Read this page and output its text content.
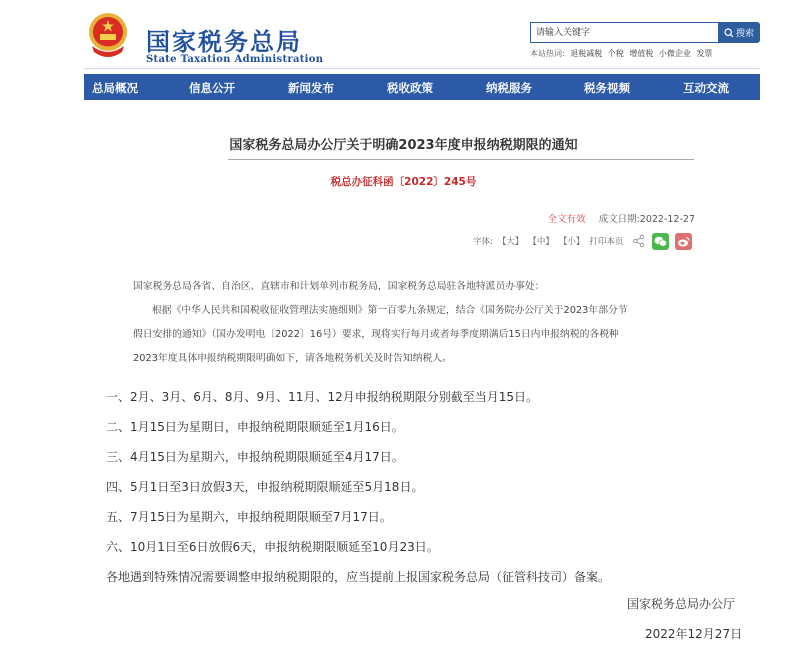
国家税务总局
State Taxation Administration
请输入关键字
搜索
本站热词: 退税减税 个税 增值税 小微企业 发票
总局概况	信息公开	新闻发布	税收政策	纳税服务	税务视频	互动交流
国家税务总局办公厅关于明确2023年度申报纳税期限的通知
税总办征科函〔2022〕245号
全文有效 成文日期:2022-12-27
字体: 【大】 【中】 【小】 打印本页

国家税务总局各省、自治区、直辖市和计划单列市税务局，国家税务总局驻各地特派员办事处：

根据《中华人民共和国税收征收管理法实施细则》第一百零九条规定，结合《国务院办公厅关于2023年部分节

假日安排的通知》（国办发明电〔2022〕16号）要求，现将实行每月或者每季度期满后15日内申报纳税的各税种

2023年度具体申报纳税期限明确如下，请各地税务机关及时告知纳税人。

一、2月、3月、6月、8月、9月、11月、12月申报纳税期限分别截至当月15日。

二、1月15日为星期日，申报纳税期限顺延至1月16日。

三、4月15日为星期六，申报纳税期限顺延至4月17日。

四、5月1日至3日放假3天，申报纳税期限顺延至5月18日。

五、7月15日为星期六，申报纳税期限顺至7月17日。

六、10月1日至6日放假6天，申报纳税期限顺延至10月23日。

各地遇到特殊情况需要调整申报纳税期限的，应当提前上报国家税务总局（征管科技司）备案。

国家税务总局办公厅

2022年12月27日
